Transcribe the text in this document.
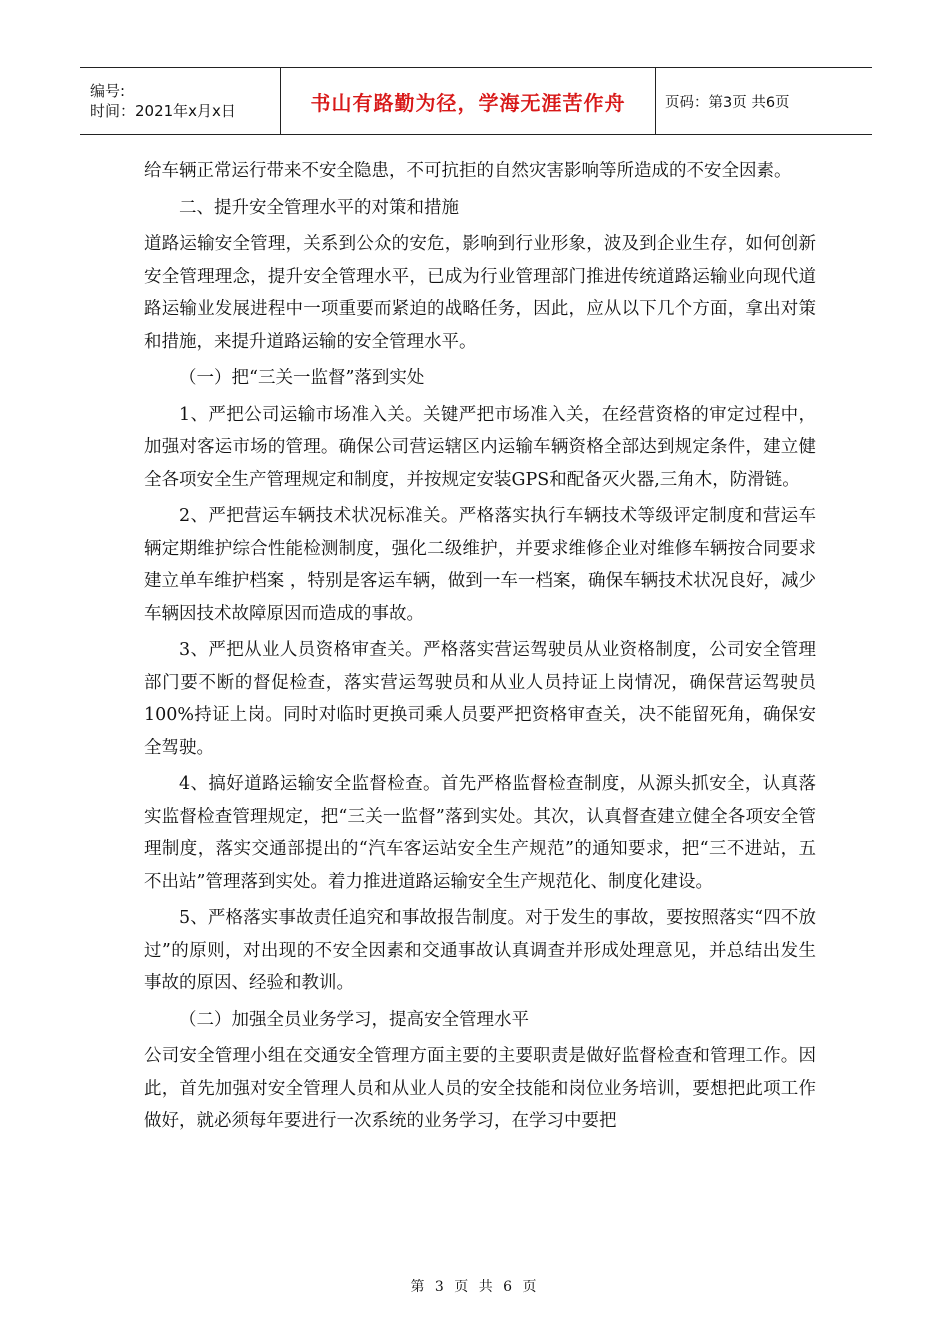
编号:
时间：2021年x月x日	书山有路勤为径，学海无涯苦作舟	页码：第3页 共6页

给车辆正常运行带来不安全隐患，不可抗拒的自然灾害影响等所造成的不安全因素。

二、提升安全管理水平的对策和措施

道路运输安全管理，关系到公众的安危，影响到行业形象，波及到企业生存，如何创新安全管理理念，提升安全管理水平，已成为行业管理部门推进传统道路运输业向现代道路运输业发展进程中一项重要而紧迫的战略任务，因此，应从以下几个方面，拿出对策和措施，来提升道路运输的安全管理水平。

（一）把“三关一监督”落到实处

1、严把公司运输市场准入关。关键严把市场准入关，在经营资格的审定过程中，加强对客运市场的管理。确保公司营运辖区内运输车辆资格全部达到规定条件，建立健全各项安全生产管理规定和制度，并按规定安装GPS和配备灭火器,三角木，防滑链。

2、严把营运车辆技术状况标准关。严格落实执行车辆技术等级评定制度和营运车辆定期维护综合性能检测制度，强化二级维护，并要求维修企业对维修车辆按合同要求建立单车维护档案 ，特别是客运车辆，做到一车一档案，确保车辆技术状况良好，减少车辆因技术故障原因而造成的事故。

3、严把从业人员资格审查关。严格落实营运驾驶员从业资格制度，公司安全管理部门要不断的督促检查，落实营运驾驶员和从业人员持证上岗情况，确保营运驾驶员100%持证上岗。同时对临时更换司乘人员要严把资格审查关，决不能留死角，确保安全驾驶。

4、搞好道路运输安全监督检查。首先严格监督检查制度，从源头抓安全，认真落实监督检查管理规定，把“三关一监督”落到实处。其次，认真督查建立健全各项安全管理制度，落实交通部提出的“汽车客运站安全生产规范”的通知要求，把“三不进站，五不出站”管理落到实处。着力推进道路运输安全生产规范化、制度化建设。

5、严格落实事故责任追究和事故报告制度。对于发生的事故，要按照落实“四不放过”的原则，对出现的不安全因素和交通事故认真调查并形成处理意见，并总结出发生事故的原因、经验和教训。

（二）加强全员业务学习，提高安全管理水平

公司安全管理小组在交通安全管理方面主要的主要职责是做好监督检查和管理工作。因此，首先加强对安全管理人员和从业人员的安全技能和岗位业务培训，要想把此项工作做好，就必须每年要进行一次系统的业务学习，在学习中要把

第 3 页 共 6 页
